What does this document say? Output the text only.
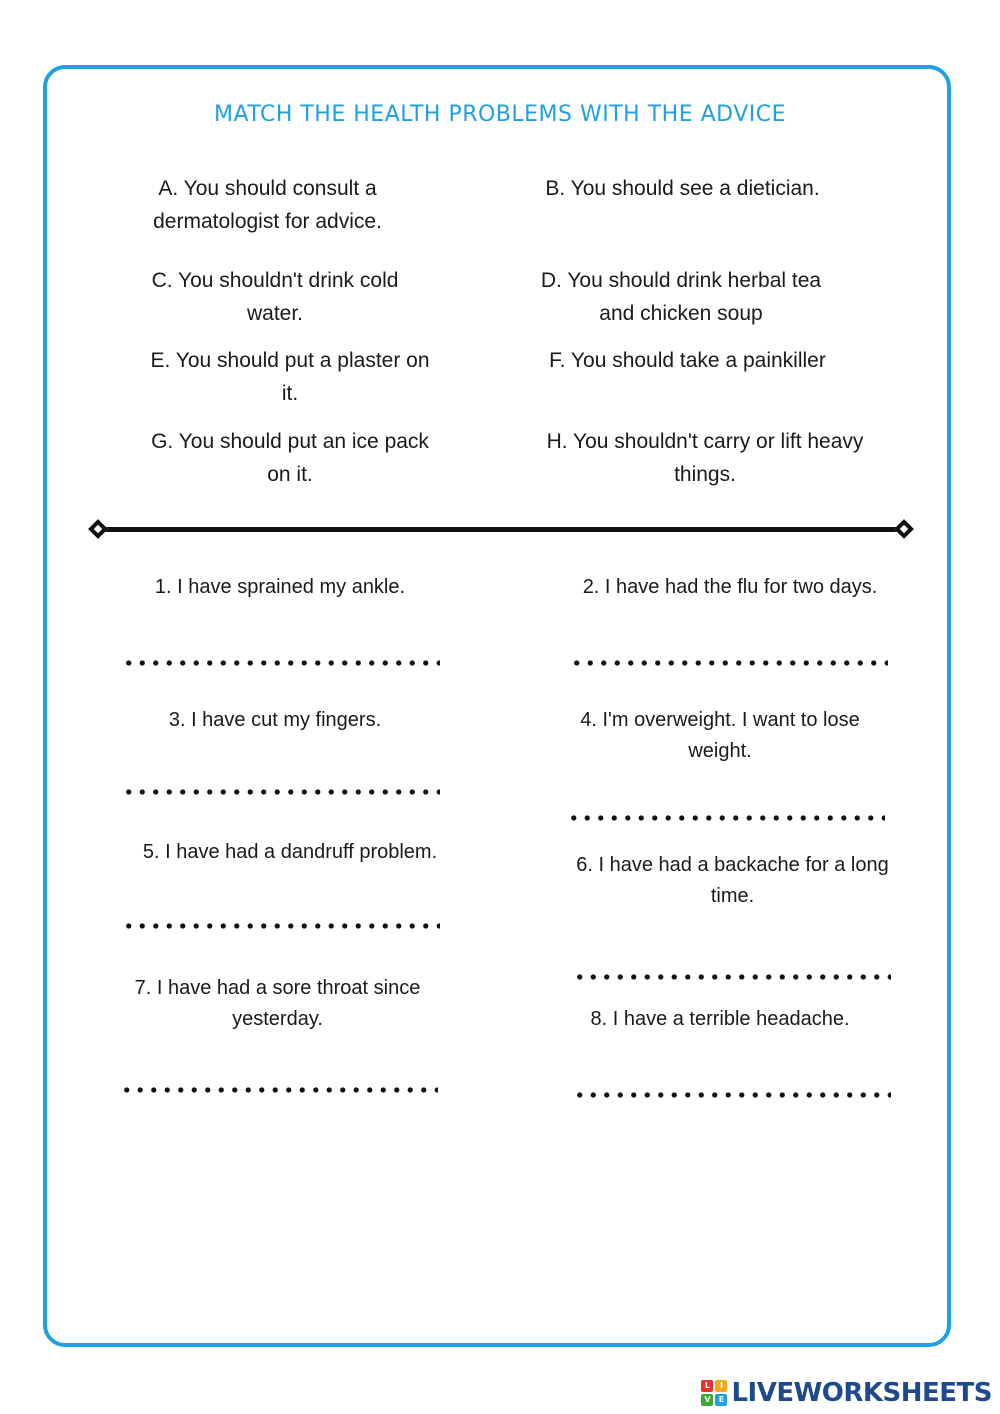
MATCH THE HEALTH PROBLEMS WITH THE ADVICE
A. You should consult a
dermatologist for advice.
B. You should see a dietician.
C. You shouldn't drink cold
water.
D. You should drink herbal tea
and chicken soup
E. You should put a plaster on
it.
F. You should take a painkiller
G. You should put an ice pack
on it.
H. You shouldn't carry or lift heavy
things.
1. I have sprained my ankle.	2. I have had the flu for two days.
3. I have cut my fingers.	4. I'm overweight. I want to lose
weight.
5. I have had a dandruff problem.
6. I have had a backache for a long
time.
7. I have had a sore throat since
yesterday.	8. I have a terrible headache.
L	I
V	E LIVEWORKSHEETS
